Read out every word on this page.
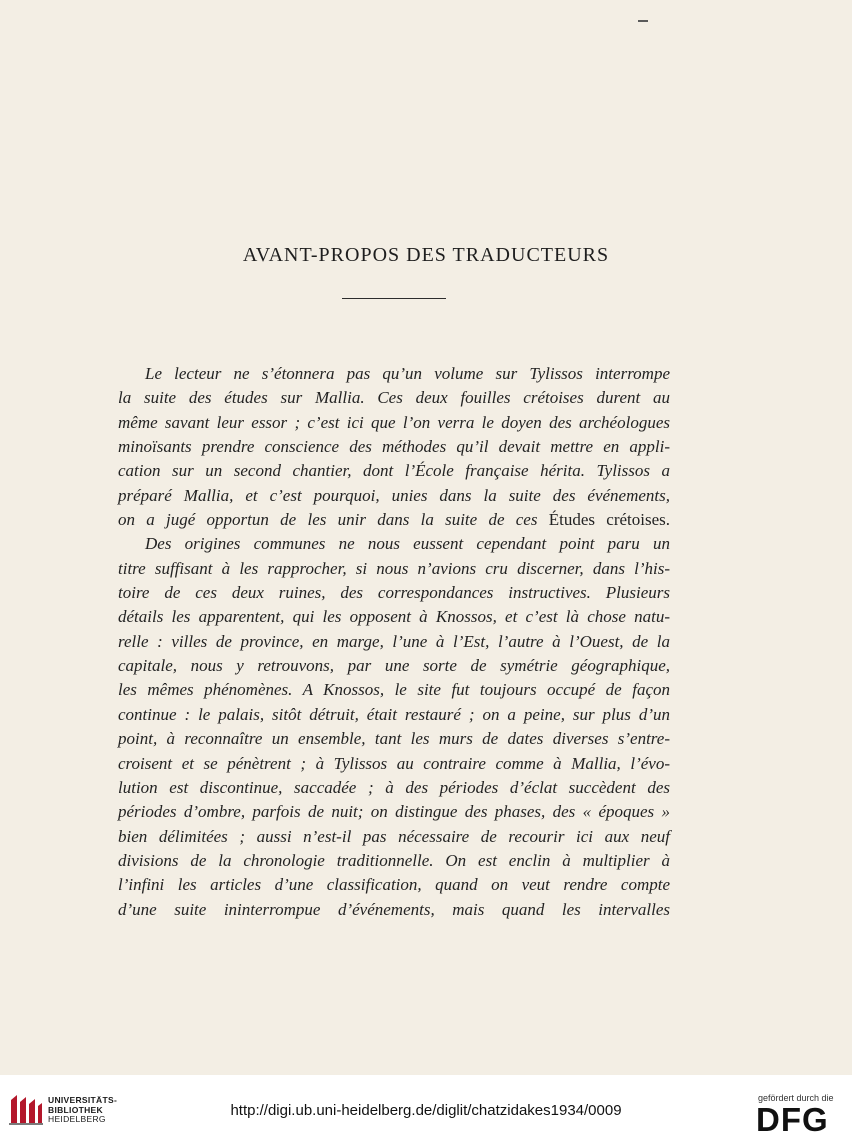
AVANT-PROPOS DES TRADUCTEURS
Le lecteur ne s’étonnera pas qu’un volume sur Tylissos interrompe
la suite des études sur Mallia. Ces deux fouilles crétoises durent au
même savant leur essor ; c’est ici que l’on verra le doyen des archéologues
minoïsants prendre conscience des méthodes qu’il devait mettre en appli-
cation sur un second chantier, dont l’École française hérita. Tylissos a
préparé Mallia, et c’est pourquoi, unies dans la suite des événements,
on a jugé opportun de les unir dans la suite de ces Études crétoises.
Des origines communes ne nous eussent cependant point paru un
titre suffisant à les rapprocher, si nous n’avions cru discerner, dans l’his-
toire de ces deux ruines, des correspondances instructives. Plusieurs
détails les apparentent, qui les opposent à Knossos, et c’est là chose natu-
relle : villes de province, en marge, l’une à l’Est, l’autre à l’Ouest, de la
capitale, nous y retrouvons, par une sorte de symétrie géographique,
les mêmes phénomènes. A Knossos, le site fut toujours occupé de façon
continue : le palais, sitôt détruit, était restauré ; on a peine, sur plus d’un
point, à reconnaître un ensemble, tant les murs de dates diverses s’entre-
croisent et se pénètrent ; à Tylissos au contraire comme à Mallia, l’évo-
lution est discontinue, saccadée ; à des périodes d’éclat succèdent des
périodes d’ombre, parfois de nuit; on distingue des phases, des « époques »
bien délimitées ; aussi n’est-il pas nécessaire de recourir ici aux neuf
divisions de la chronologie traditionnelle. On est enclin à multiplier à
l’infini les articles d’une classification, quand on veut rendre compte
d’une suite ininterrompue d’événements, mais quand les intervalles
UNIVERSITÄTS-
BIBLIOTHEK
HEIDELBERG	http://digi.ub.uni-heidelberg.de/diglit/chatzidakes1934/0009
gefördert durch die
DFG
